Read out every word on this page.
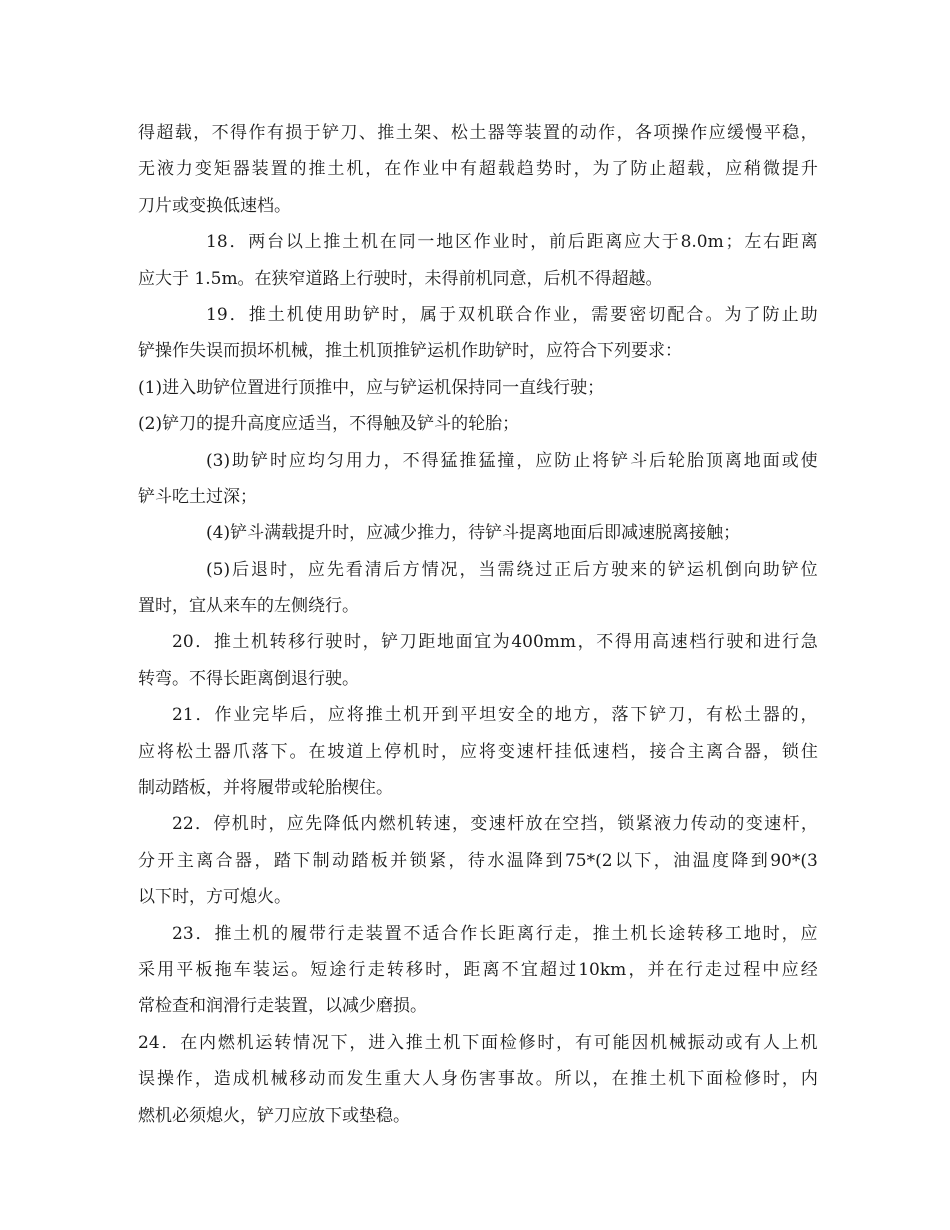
得 超 载 ， 不 得 作 有 损 于 铲 刀 、 推 土 架 、 松 土 器 等 装 置 的 动 作 ， 各 项 操 作 应 缓 慢 平 稳 ，
无 液 力 变 矩 器 装 置 的 推 土 机 ， 在 作 业 中 有 超 载 趋 势 时 ， 为 了 防 止 超 载 ， 应 稍 微 提 升
刀片或变换低速档。
18 ． 两 台 以 上 推 土 机 在 同 一 地 区 作 业 时 ， 前 后 距 离 应 大 于 8.0m ； 左 右 距 离
应大于 1.5m。在狭窄道路上行驶时，未得前机同意，后机不得超越。
19 ． 推 土 机 使 用 助 铲 时 ， 属 于 双 机 联 合 作 业 ， 需 要 密 切 配 合 。 为 了 防 止 助
铲操作失误而损坏机械，推土机顶推铲运机作助铲时，应符合下列要求：
(1)进入助铲位置进行顶推中，应与铲运机保持同一直线行驶；
(2)铲刀的提升高度应适当，不得触及铲斗的轮胎；
(3) 助 铲 时 应 均 匀 用 力 ， 不 得 猛 推 猛 撞 ， 应 防 止 将 铲 斗 后 轮 胎 顶 离 地 面 或 使
铲斗吃土过深；
(4)铲斗满载提升时，应减少推力，待铲斗提离地面后即减速脱离接触；
(5) 后 退 时 ， 应 先 看 清 后 方 情 况 ， 当 需 绕 过 正 后 方 驶 来 的 铲 运 机 倒 向 助 铲 位
置时，宜从来车的左侧绕行。
20 ． 推 土 机 转 移 行 驶 时 ， 铲 刀 距 地 面 宜 为 400mm ， 不 得 用 高 速 档 行 驶 和 进 行 急
转弯。不得长距离倒退行驶。
21 ． 作 业 完 毕 后 ， 应 将 推 土 机 开 到 平 坦 安 全 的 地 方 ， 落 下 铲 刀 ， 有 松 土 器 的 ，
应 将 松 土 器 爪 落 下 。 在 坡 道 上 停 机 时 ， 应 将 变 速 杆 挂 低 速 档 ， 接 合 主 离 合 器 ， 锁 住
制动踏板，并将履带或轮胎楔住。
22 ． 停 机 时 ， 应 先 降 低 内 燃 机 转 速 ， 变 速 杆 放 在 空 挡 ， 锁 紧 液 力 传 动 的 变 速 杆 ，
分 开 主 离 合 器 ， 踏 下 制 动 踏 板 并 锁 紧 ， 待 水 温 降 到 75*(2 以 下 ， 油 温 度 降 到 90*(3
以下时，方可熄火。
23 ． 推 土 机 的 履 带 行 走 装 置 不 适 合 作 长 距 离 行 走 ， 推 土 机 长 途 转 移 工 地 时 ， 应
采 用 平 板 拖 车 装 运 。 短 途 行 走 转 移 时 ， 距 离 不 宜 超 过 10km ， 并 在 行 走 过 程 中 应 经
常检查和润滑行走装置，以减少磨损。
24 ． 在 内 燃 机 运 转 情 况 下 ， 进 入 推 土 机 下 面 检 修 时 ， 有 可 能 因 机 械 振 动 或 有 人 上 机
误 操 作 ， 造 成 机 械 移 动 而 发 生 重 大 人 身 伤 害 事 故 。 所 以 ， 在 推 土 机 下 面 检 修 时 ， 内
燃机必须熄火，铲刀应放下或垫稳。
